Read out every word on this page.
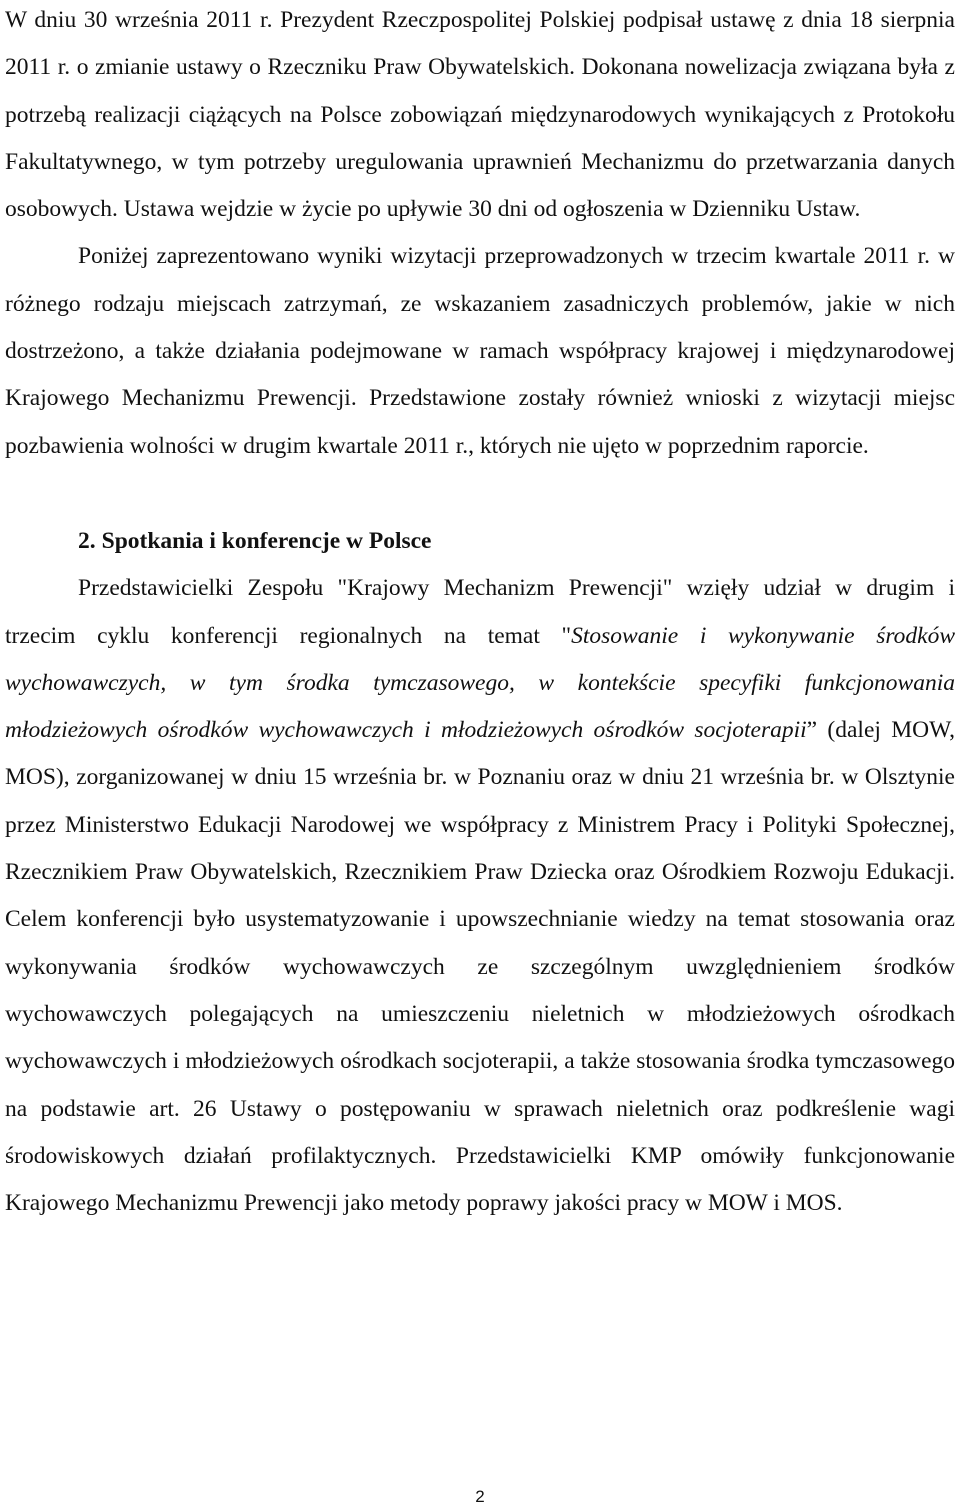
W dniu 30 września 2011 r. Prezydent Rzeczpospolitej Polskiej podpisał ustawę z dnia 18 sierpnia 2011 r. o zmianie ustawy o Rzeczniku Praw Obywatelskich. Dokonana nowelizacja związana była z potrzebą realizacji ciążących na Polsce zobowiązań międzynarodowych wynikających z Protokołu Fakultatywnego, w tym potrzeby uregulowania uprawnień Mechanizmu do przetwarzania danych osobowych. Ustawa wejdzie w życie po upływie 30 dni od ogłoszenia w Dzienniku Ustaw.

Poniżej zaprezentowano wyniki wizytacji przeprowadzonych w trzecim kwartale 2011 r. w różnego rodzaju miejscach zatrzymań, ze wskazaniem zasadniczych problemów, jakie w nich dostrzeżono, a także działania podejmowane w ramach współpracy krajowej i międzynarodowej Krajowego Mechanizmu Prewencji. Przedstawione zostały również wnioski z wizytacji miejsc pozbawienia wolności w drugim kwartale 2011 r., których nie ujęto w poprzednim raporcie.

2. Spotkania i konferencje w Polsce

Przedstawicielki Zespołu "Krajowy Mechanizm Prewencji" wzięły udział w drugim i trzecim cyklu konferencji regionalnych na temat "Stosowanie i wykonywanie środków wychowawczych, w tym środka tymczasowego, w kontekście specyfiki funkcjonowania młodzieżowych ośrodków wychowawczych i młodzieżowych ośrodków socjoterapii” (dalej MOW, MOS), zorganizowanej w dniu 15 września br. w Poznaniu oraz w dniu 21 września br. w Olsztynie przez Ministerstwo Edukacji Narodowej we współpracy z Ministrem Pracy i Polityki Społecznej, Rzecznikiem Praw Obywatelskich, Rzecznikiem Praw Dziecka oraz Ośrodkiem Rozwoju Edukacji. Celem konferencji było usystematyzowanie i upowszechnianie wiedzy na temat stosowania oraz wykonywania środków wychowawczych ze szczególnym uwzględnieniem środków wychowawczych polegających na umieszczeniu nieletnich w młodzieżowych ośrodkach wychowawczych i młodzieżowych ośrodkach socjoterapii, a także stosowania środka tymczasowego na podstawie art. 26 Ustawy o postępowaniu w sprawach nieletnich oraz podkreślenie wagi środowiskowych działań profilaktycznych. Przedstawicielki KMP omówiły funkcjonowanie Krajowego Mechanizmu Prewencji jako metody poprawy jakości pracy w MOW i MOS.

2
